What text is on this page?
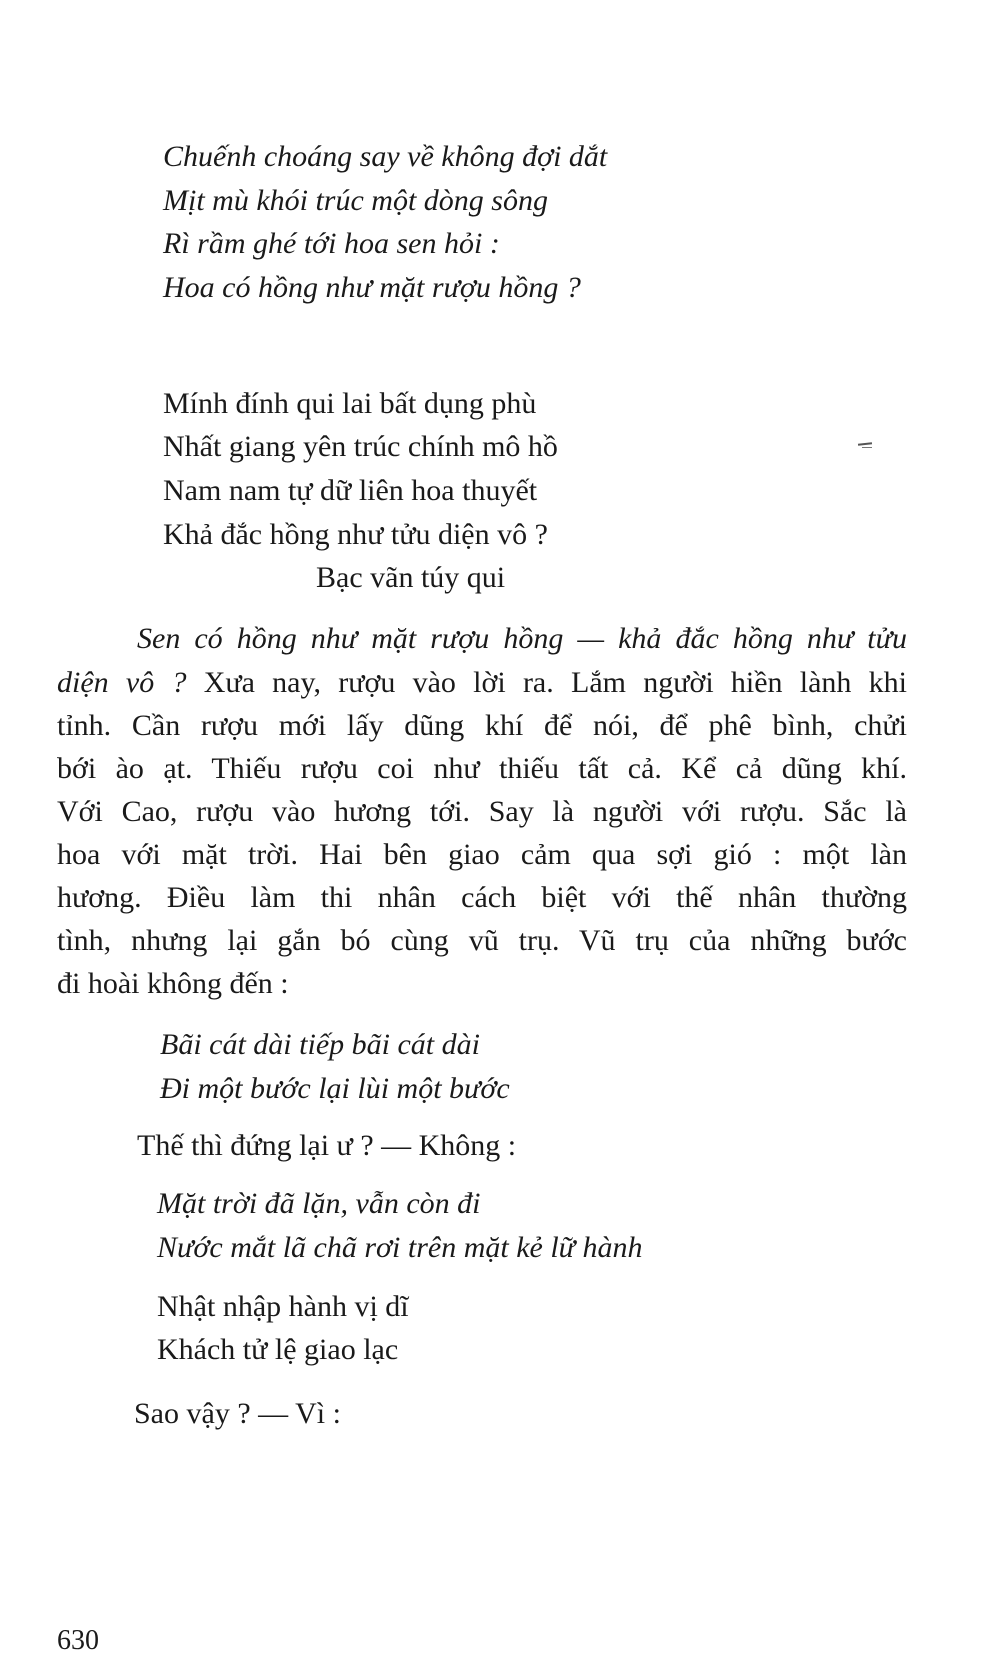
Chuếnh choáng say về không đợi dắt
Mịt mù khói trúc một dòng sông
Rì rầm ghé tới hoa sen hỏi :
Hoa có hồng như mặt rượu hồng ?
Mính đính qui lai bất dụng phù
Nhất giang yên trúc chính mô hồ
Nam nam tự dữ liên hoa thuyết
Khả đắc hồng như tửu diện vô ?
Bạc vãn túy qui
Sen có hồng như mặt rượu hồng — khả đắc hồng như tửu
diện vô ? Xưa nay, rượu vào lời ra. Lắm người hiền lành khi
tỉnh. Cần rượu mới lấy dũng khí để nói, để phê bình, chửi
bới ào ạt. Thiếu rượu coi như thiếu tất cả. Kể cả dũng khí.
Với Cao, rượu vào hương tới. Say là người với rượu. Sắc là
hoa với mặt trời. Hai bên giao cảm qua sợi gió : một làn
hương. Điều làm thi nhân cách biệt với thế nhân thường
tình, nhưng lại gắn bó cùng vũ trụ. Vũ trụ của những bước
đi hoài không đến :
Bãi cát dài tiếp bãi cát dài
Đi một bước lại lùi một bước
Thế thì đứng lại ư ? — Không :
Mặt trời đã lặn, vẫn còn đi
Nước mắt lã chã rơi trên mặt kẻ lữ hành
Nhật nhập hành vị dĩ
Khách tử lệ giao lạc
Sao vậy ? — Vì :
630
